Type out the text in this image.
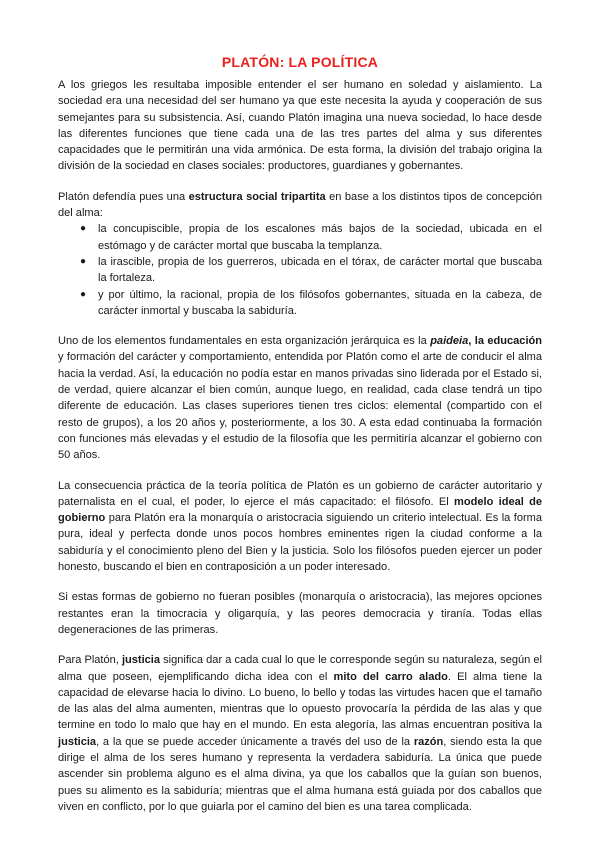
PLATÓN: LA POLÍTICA

A los griegos les resultaba imposible entender el ser humano en soledad y aislamiento. La sociedad era una necesidad del ser humano ya que este necesita la ayuda y cooperación de sus semejantes para su subsistencia. Así, cuando Platón imagina una nueva sociedad, lo hace desde las diferentes funciones que tiene cada una de las tres partes del alma y sus diferentes capacidades que le permitirán una vida armónica. De esta forma, la división del trabajo origina la división de la sociedad en clases sociales: productores, guardianes y gobernantes.

Platón defendía pues una estructura social tripartita en base a los distintos tipos de concepción del alma:

● la concupiscible, propia de los escalones más bajos de la sociedad, ubicada en el estómago y de carácter mortal que buscaba la templanza.
● la irascible, propia de los guerreros, ubicada en el tórax, de carácter mortal que buscaba la fortaleza.
● y por último, la racional, propia de los filósofos gobernantes, situada en la cabeza, de carácter inmortal y buscaba la sabiduría.

Uno de los elementos fundamentales en esta organización jerárquica es la paideia, la educación y formación del carácter y comportamiento, entendida por Platón como el arte de conducir el alma hacia la verdad. Así, la educación no podía estar en manos privadas sino liderada por el Estado si, de verdad, quiere alcanzar el bien común, aunque luego, en realidad, cada clase tendrá un tipo diferente de educación. Las clases superiores tienen tres ciclos: elemental (compartido con el resto de grupos), a los 20 años y, posteriormente, a los 30. A esta edad continuaba la formación con funciones más elevadas y el estudio de la filosofía que les permitiría alcanzar el gobierno con 50 años.

La consecuencia práctica de la teoría política de Platón es un gobierno de carácter autoritario y paternalista en el cual, el poder, lo ejerce el más capacitado: el filósofo. El modelo ideal de gobierno para Platón era la monarquía o aristocracia siguiendo un criterio intelectual. Es la forma pura, ideal y perfecta donde unos pocos hombres eminentes rigen la ciudad conforme a la sabiduría y el conocimiento pleno del Bien y la justicia. Solo los filósofos pueden ejercer un poder honesto, buscando el bien en contraposición a un poder interesado.

Si estas formas de gobierno no fueran posibles (monarquía o aristocracia), las mejores opciones restantes eran la timocracia y oligarquía, y las peores democracia y tiranía. Todas ellas degeneraciones de las primeras.

Para Platón, justicia significa dar a cada cual lo que le corresponde según su naturaleza, según el alma que poseen, ejemplificando dicha idea con el mito del carro alado. El alma tiene la capacidad de elevarse hacia lo divino. Lo bueno, lo bello y todas las virtudes hacen que el tamaño de las alas del alma aumenten, mientras que lo opuesto provocaría la pérdida de las alas y que termine en todo lo malo que hay en el mundo. En esta alegoría, las almas encuentran positiva la justicia, a la que se puede acceder únicamente a través del uso de la razón, siendo esta la que dirige el alma de los seres humano y representa la verdadera sabiduría. La única que puede ascender sin problema alguno es el alma divina, ya que los caballos que la guían son buenos, pues su alimento es la sabiduría; mientras que el alma humana está guiada por dos caballos que viven en conflicto, por lo que guiarla por el camino del bien es una tarea complicada.
